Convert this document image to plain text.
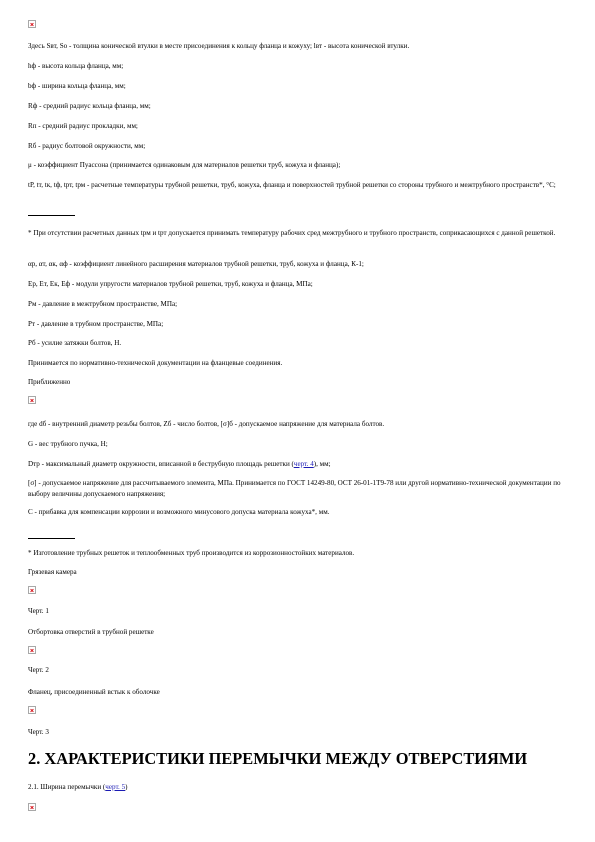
Здесь Sвт, Sо - толщина конической втулки в месте присоединения к кольцу фланца и кожуху; lвт - высота конической втулки.

hф - высота кольца фланца, мм;

bф - ширина кольца фланца, мм;

Rф - средний радиус кольца фланца, мм;

Rп - средний радиус прокладки, мм;

Rб - радиус болтовой окружности, мм;

μ - коэффициент Пуассона (принимается одинаковым для материалов решетки труб, кожуха и фланца);

tP, tт, tк, tф, tрт, tрм - расчетные температуры трубной решетки, труб, кожуха, фланца и поверхностей трубной решетки со стороны трубного и межтрубного пространств*, °С;

* При отсутствии расчетных данных tрм и tрт допускается принимать температуру рабочих сред межтрубного и трубного пространств, соприкасающихся с данной решеткой.

αр, αт, αк, αф - коэффициент линейного расширения материалов трубной решетки, труб, кожуха и фланца, К-1;

Ер, Ет, Ек, Еф - модули упругости материалов трубной решетки, труб, кожуха и фланца, МПа;

Рм - давление в межтрубном пространстве, МПа;

Рт - давление в трубном пространстве, МПа;

Рб - усилие затяжки болтов, Н.

Принимается по нормативно-технической документации на фланцевые соединения.

Приближенно

где dб - внутренний диаметр резьбы болтов, Zб - число болтов, [σ]б - допускаемое напряжение для материала болтов.

G - вес трубного пучка, Н;

Dтр - максимальный диаметр окружности, вписанной в беструбную площадь решетки (черт. 4), мм;

[σ] - допускаемое напряжение для рассчитываемого элемента, МПа. Принимается по ГОСТ 14249-80, ОСТ 26-01-1Т9-78 или другой нормативно-технической документации по выбору величины допускаемого напряжения;

С - прибавка для компенсации коррозии и возможного минусового допуска материала кожуха*, мм.

* Изготовление трубных решеток и теплообменных труб производится из коррозионностойких материалов.

Грязевая камера

Черт. 1

Отбортовка отверстий в трубной решетке

Черт. 2

Фланец, присоединенный встык к оболочке

Черт. 3

2. ХАРАКТЕРИСТИКИ ПЕРЕМЫЧКИ МЕЖДУ ОТВЕРСТИЯМИ

2.1. Ширина перемычки (черт. 5)
